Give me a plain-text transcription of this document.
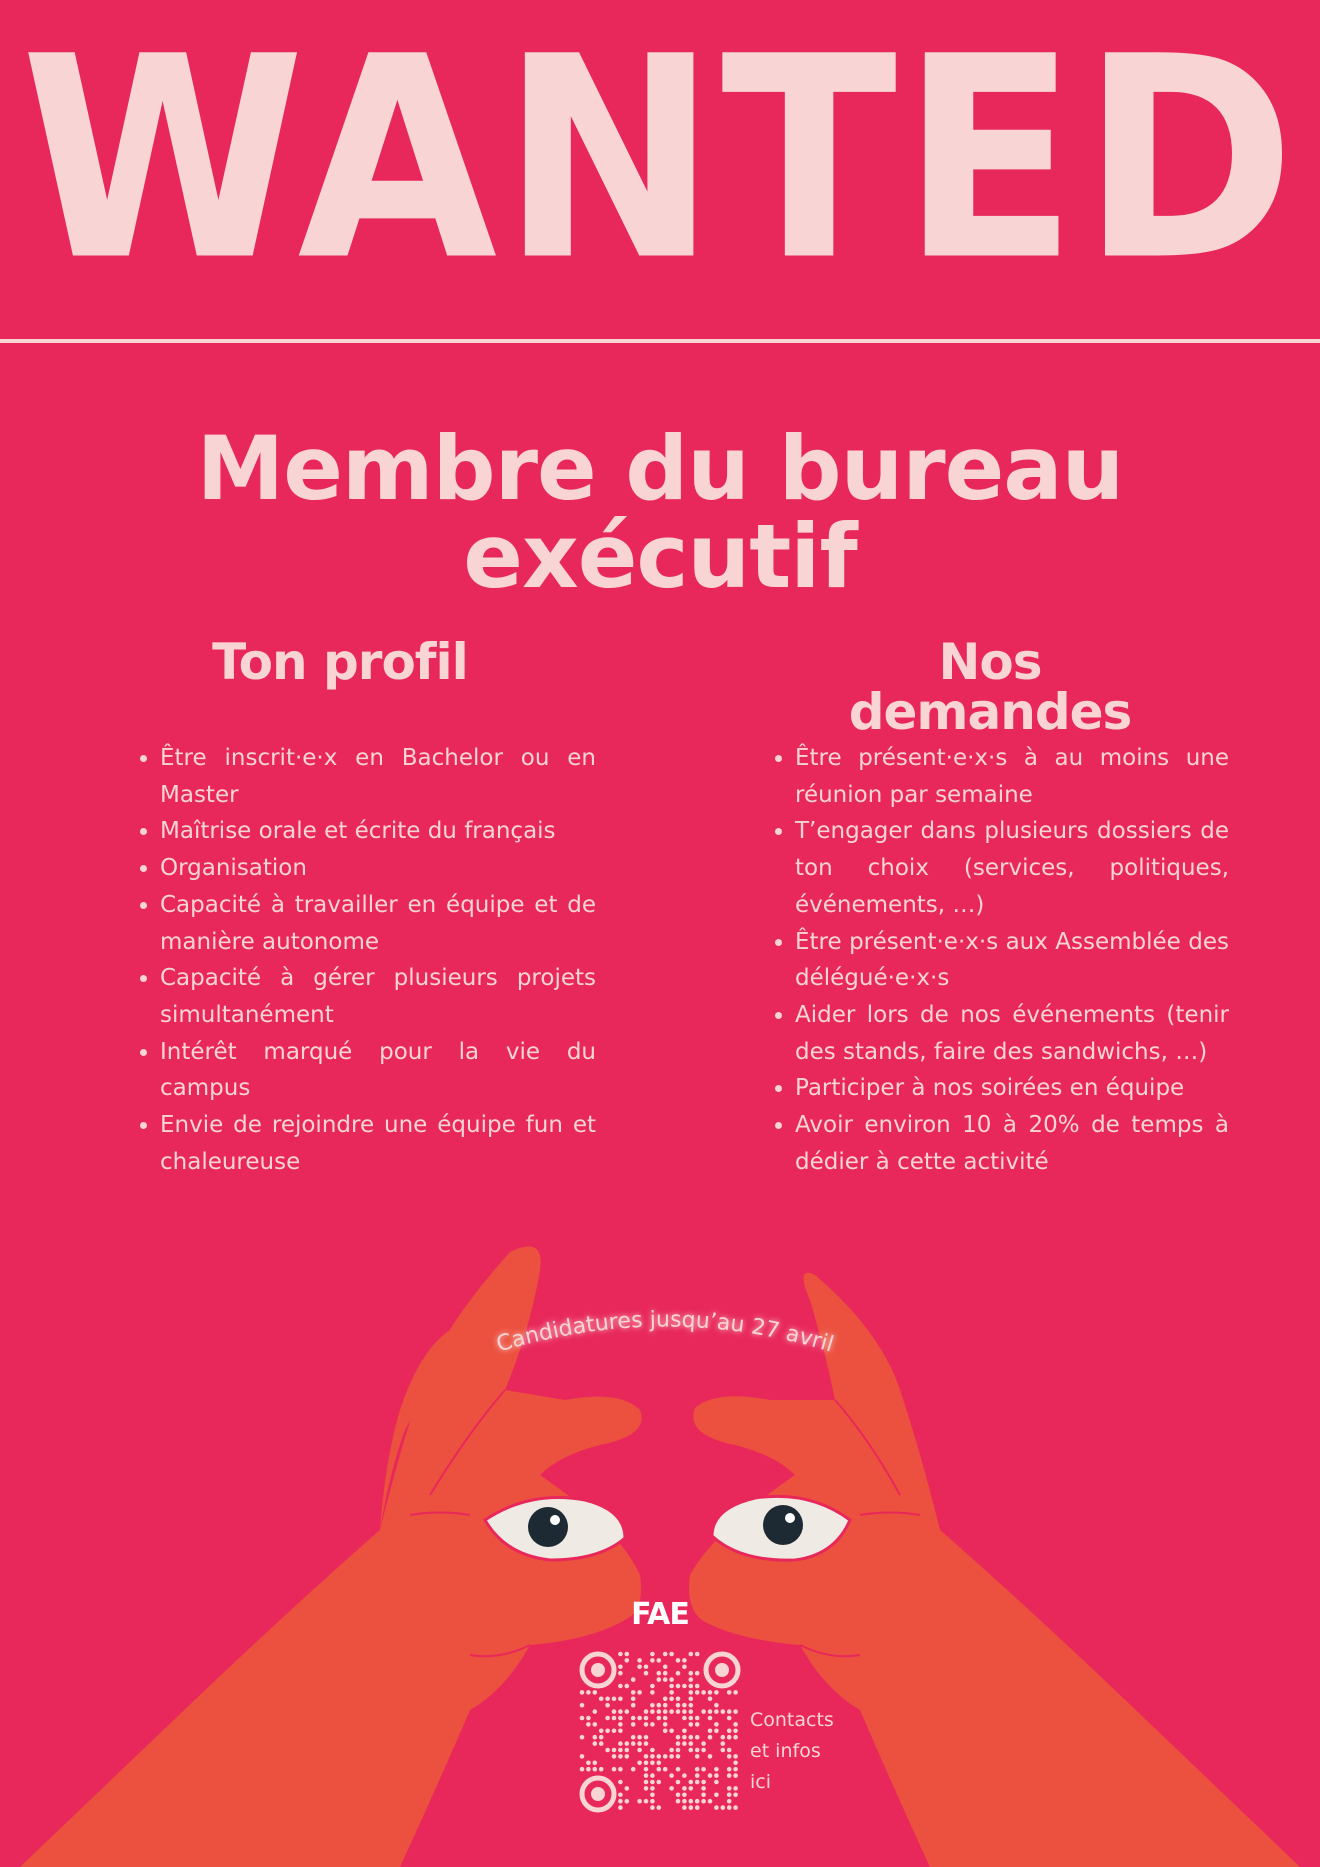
WANTED
Membre du bureau exécutif
Ton profil	Nos demandes
• Être inscrit·e·x en Bachelor ou en Master
• Maîtrise orale et écrite du français
• Organisation
• Capacité à travailler en équipe et de manière autonome
• Capacité à gérer plusieurs projets simultanément
• Intérêt marqué pour la vie du campus
• Envie de rejoindre une équipe fun et chaleureuse
• Être présent·e·x·s à au moins une réunion par semaine
• T’engager dans plusieurs dossiers de ton choix (services, politiques, événements, …)
• Être présent·e·x·s aux Assemblée des délégué·e·x·s
• Aider lors de nos événements (tenir des stands, faire des sandwichs, …)
• Participer à nos soirées en équipe
• Avoir environ 10 à 20% de temps à dédier à cette activité
Candidatures jusqu’au 27 avril
FAE
Contacts
et infos
ici
